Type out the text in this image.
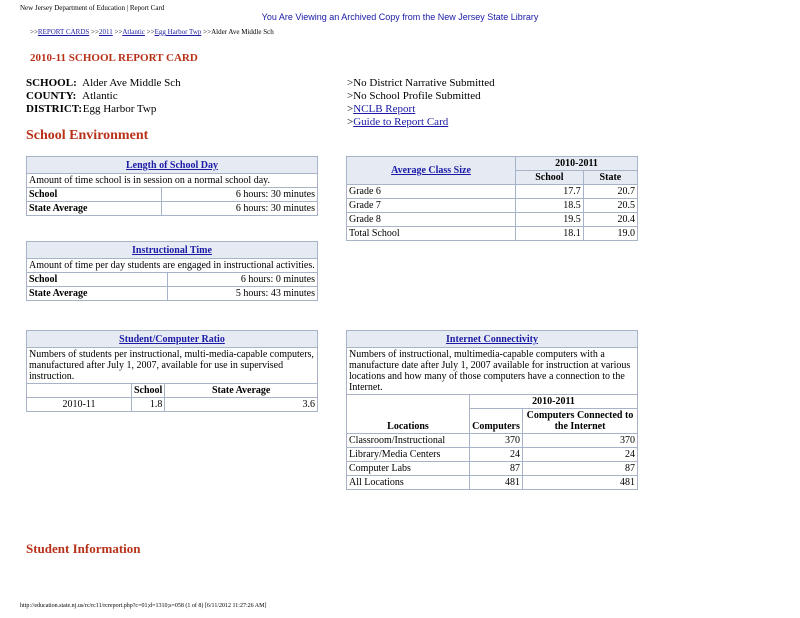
New Jersey Department of Education | Report Card
You Are Viewing an Archived Copy from the New Jersey State Library
>>REPORT CARDS >>2011 >>Atlantic >>Egg Harbor Twp >>Alder Ave Middle Sch
2010-11 SCHOOL REPORT CARD
SCHOOL: Alder Ave Middle Sch
COUNTY: Atlantic
DISTRICT: Egg Harbor Twp
>No District Narrative Submitted
>No School Profile Submitted
>NCLB Report
>Guide to Report Card
School Environment
Length of School Day	
Amount of time school is in session on a normal school day.	
School	6 hours: 30 minutes
State Average	6 hours: 30 minutes
Instructional Time	
Amount of time per day students are engaged in instructional activities.	
School	6 hours: 0 minutes
State Average	5 hours: 43 minutes
Average Class Size	2010-2011	
	School	State
Grade 6	17.7	20.7
Grade 7	18.5	20.5
Grade 8	19.5	20.4
Total School	18.1	19.0
Student/Computer Ratio		
Numbers of students per instructional, multi-media-capable computers, manufactured after July 1, 2007, available for use in supervised instruction.		
	School	State Average
2010-11	1.8	3.6
Internet Connectivity		
Numbers of instructional, multimedia-capable computers with a manufacture date after July 1, 2007 available for instruction at various locations and how many of those computers have a connection to the Internet.		
Locations	2010-2011	
	Computers	Computers Connected to the Internet
Classroom/Instructional	370	370
Library/Media Centers	24	24
Computer Labs	87	87
All Locations	481	481
Student Information
http://education.state.nj.us/rc/rc11/rcreport.php?c=01;d=1310;s=058 (1 of 8) [6/11/2012 11:27:26 AM]
